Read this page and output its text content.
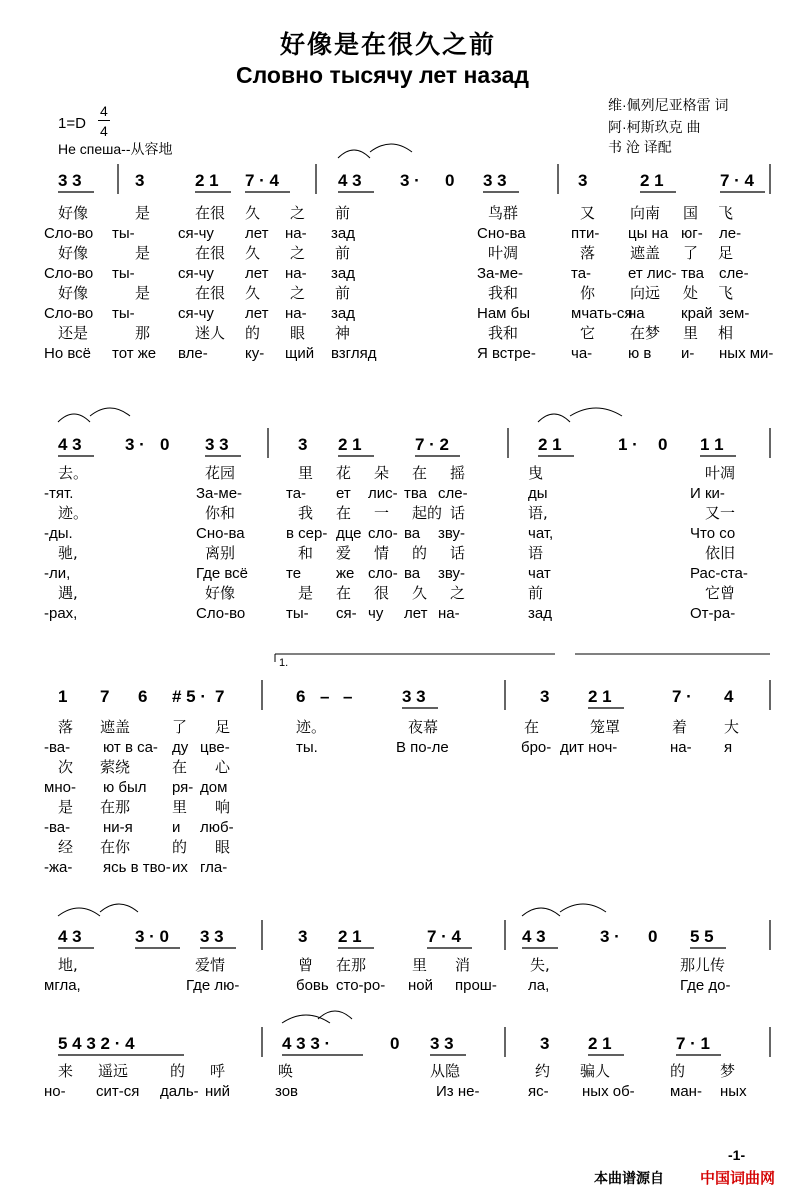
好像是在很久之前
Словно тысячу лет назад
1=D
4
4
Не спеша--从容地
维·佩列尼亚格雷 词
阿·柯斯玖克 曲
书 沧 译配
3 3	3	2 1 7 · 4	4 3 3 · 0 3 3	3	2 1	7 · 4
好像	是	在很 久 之 前	鸟群	又 向南 国 飞
Сло-во ты-	ся-чу лет на- зад	Сно-ва	пти- цы на юг- ле-
好像	是	在很 久 之 前	叶凋	落 遮盖 了 足
Сло-во ты-	ся-чу лет на- зад	За-ме-	та- ет лис- тва сле-
好像	是	在很 久 之 前	我和	你 向远 处 飞
Сло-во ты-	ся-чу лет на- зад	Нам бы	мчать-ся
на край зем-
还是	那	迷人 的 眼 神	我和	它 在梦 里 相
Но всё тот же вле- ку- щий взгляд	Я встре- ча- ю в и- ных ми-
4 3	3 · 0 3 3	3 2 1	7 · 2	2 1	1 · 0 1 1
去。	花园	里 花 朵 在 摇	曳	叶凋
-тят.	За-ме-	та- ет лис- тва сле-	ды	И ки-
迹。	你和	我 在 一 起的 话	语,	又一
-ды.	Сно-ва	в сер- дце сло- ва зву-	чат,	Что со
驰,	离别	和 爱 情 的 话	语	依旧
-ли,	Где всё	те же сло- ва зву-	чат	Рас-ста-
遇,	好像	是 在 很 久 之	前	它曾
-рах,	Сло-во	ты- ся- чу лет на-	зад	От-ра-
1 7 6 # 5 · 7	6 – –	3 3	3 2 1	7 · 4
1.
落 遮盖	了 足	迹。	夜幕	在	笼罩	着 大
-ва- ют в са- ду цве-	ты.	В по-ле	бро- дит ноч-	на- я
次 萦绕	在 心
мно- ю был ря- дом
是 在那	里 响
-ва- ни-я	и люб-
经 在你	的 眼
-жа- ясь в тво- их гла-
4 3	3 · 0 3 3	3 2 1	7 · 4	4 3	3 · 0 5 5
地,	爱情	曾 在那	里 消	失,	那儿传
мгла,	Где лю-	бовь сто-ро- ной прош- ла,	Где до-
5 4 3 2 · 4	4 3 3 ·	0 3 3	3 2 1	7 · 1
来 遥远	的 呼	唤	从隐	约 骗人	的 梦
но- сит-ся даль- ний	зов	Из не-	яс- ных об- ман- ных
-1-
本曲谱源自 中国词曲网
